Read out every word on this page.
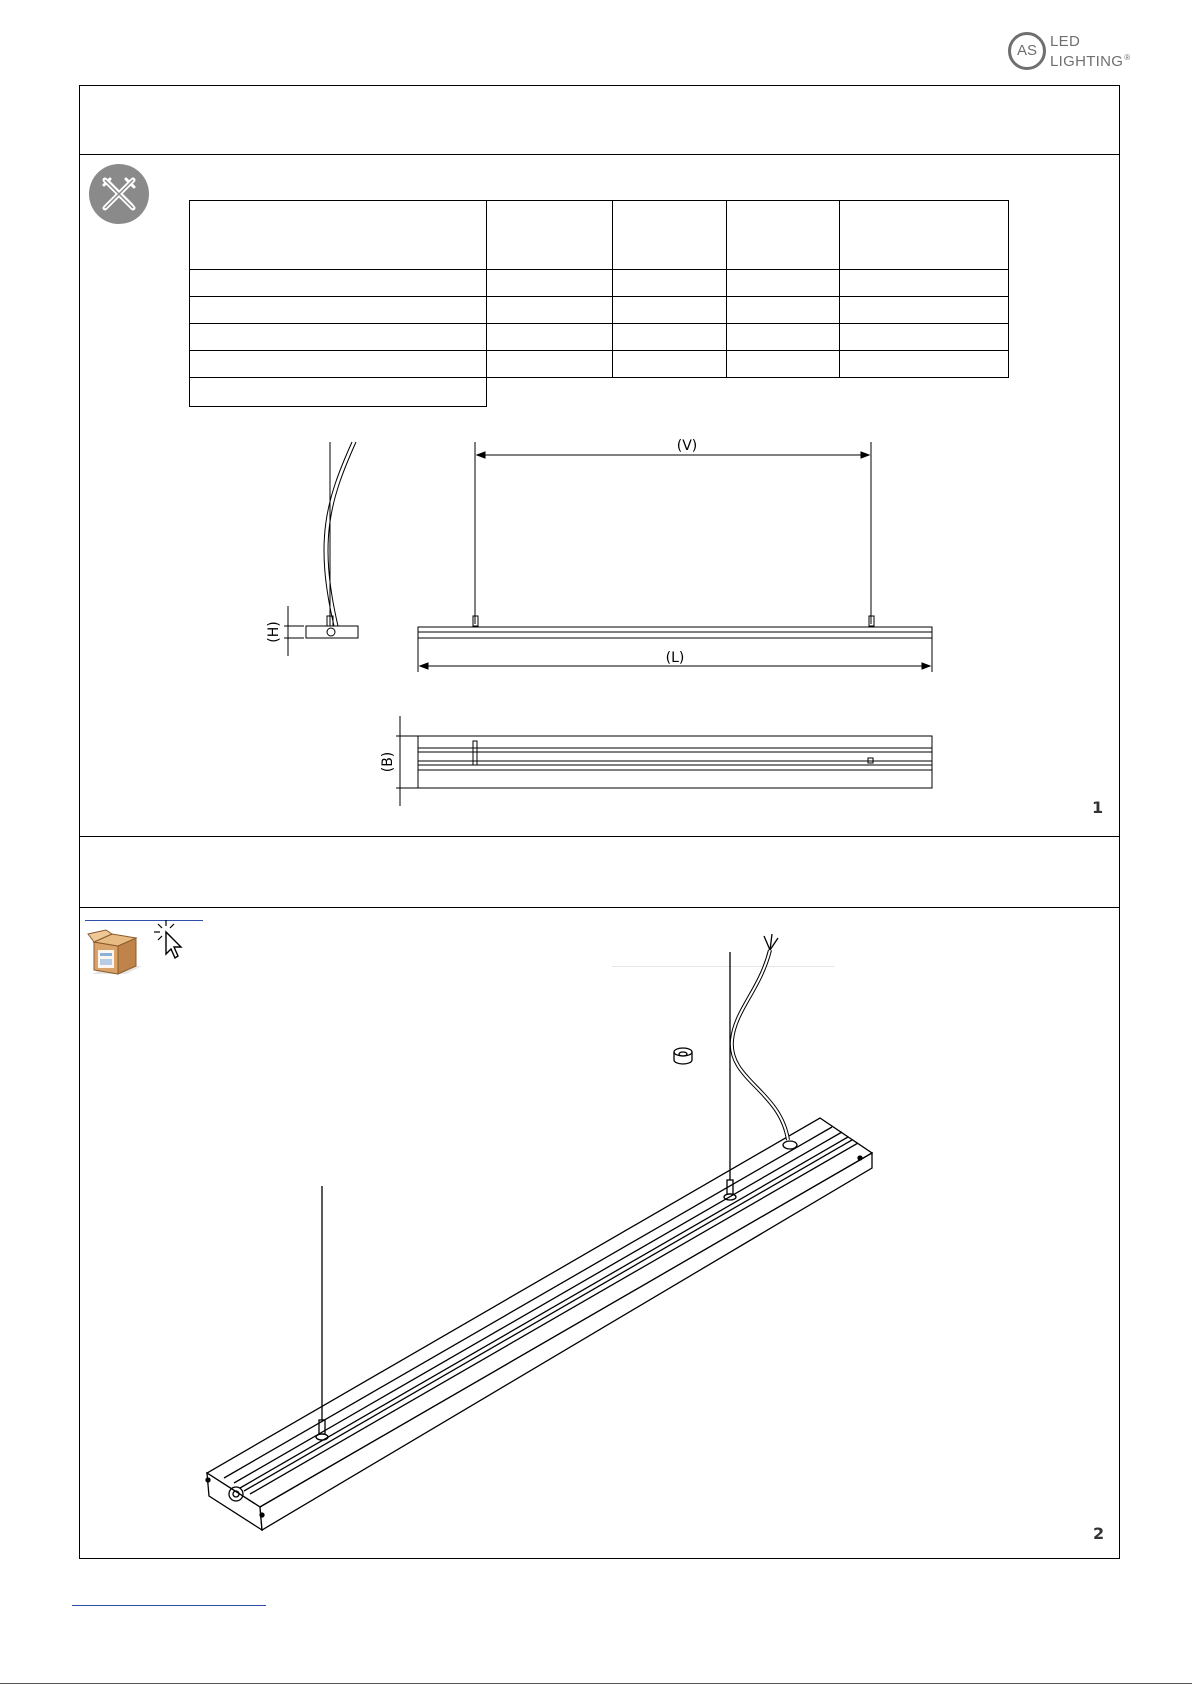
AS
LED
LIGHTING®

(V)
(L)
(H)
(B)
1
2
